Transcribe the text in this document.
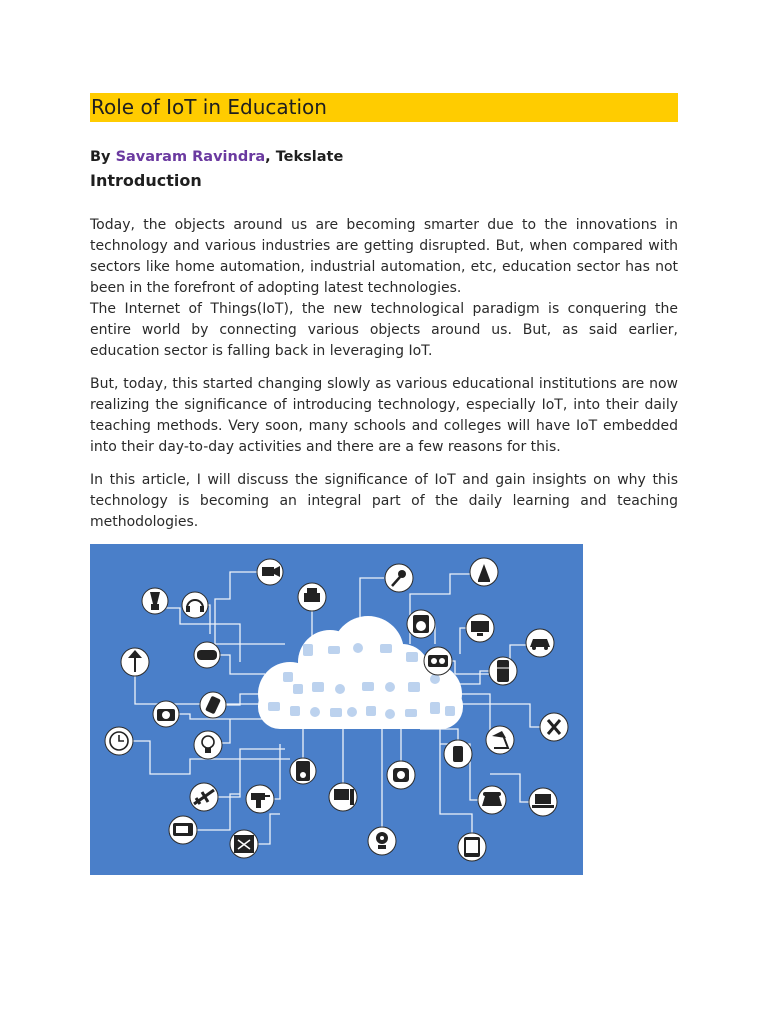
Role of IoT in Education
By Savaram Ravindra, Tekslate
Introduction
Today, the objects around us are becoming smarter due to the innovations in technology and various industries are getting disrupted. But, when compared with sectors like home automation, industrial automation, etc, education sector has not been in the forefront of adopting latest technologies.
The Internet of Things(IoT), the new technological paradigm is conquering the entire world by connecting various objects around us. But, as said earlier, education sector is falling back in leveraging IoT.
But, today, this started changing slowly as various educational institutions are now realizing the significance of introducing technology, especially IoT, into their daily teaching methods. Very soon, many schools and colleges will have IoT embedded into their day-to-day activities and there are a few reasons for this.
In this article, I will discuss the significance of IoT and gain insights on why this technology is becoming an integral part of the daily learning and teaching methodologies.
